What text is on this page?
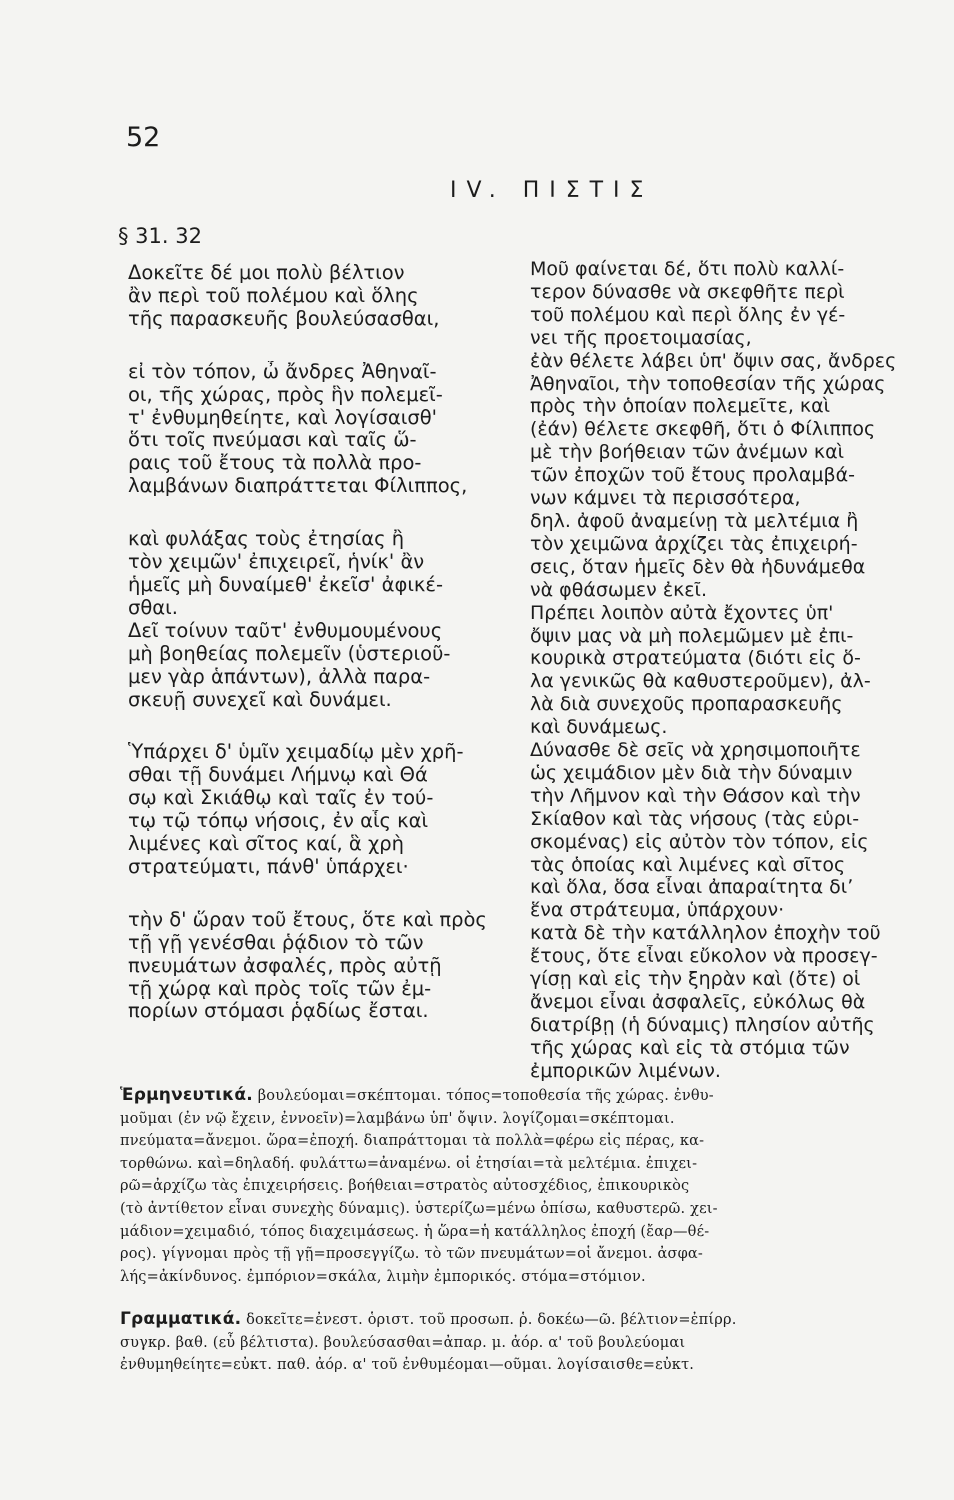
52
IV. ΠΙΣΤΙΣ
§ 31. 32
Δοκεῖτε δέ μοι πολὺ βέλτιον
ἂν περὶ τοῦ πολέμου καὶ ὅλης
τῆς παρασκευῆς βουλεύσασθαι,
εἰ τὸν τόπον, ὦ ἄνδρες Ἀθηναῖ-
οι, τῆς χώρας, πρὸς ἣν πολεμεῖ-
τ' ἐνθυμηθείητε, καὶ λογίσαισθ'
ὅτι τοῖς πνεύμασι καὶ ταῖς ὥ-
ραις τοῦ ἔτους τὰ πολλὰ προ-
λαμβάνων διαπράττεται Φίλιππος,
καὶ φυλάξας τοὺς ἐτησίας ἢ
τὸν χειμῶν' ἐπιχειρεῖ, ἡνίκ' ἂν
ἡμεῖς μὴ δυναίμεθ' ἐκεῖσ' ἀφικέ-
σθαι.
Δεῖ τοίνυν ταῦτ' ἐνθυμουμένους
μὴ βοηθείας πολεμεῖν (ὑστεριοῦ-
μεν γὰρ ἁπάντων), ἀλλὰ παρα-
σκευῇ συνεχεῖ καὶ δυνάμει.
Ὑπάρχει δ' ὑμῖν χειμαδίῳ μὲν χρῆ-
σθαι τῇ δυνάμει Λήμνῳ καὶ Θά
σῳ καὶ Σκιάθῳ καὶ ταῖς ἐν τού-
τῳ τῷ τόπῳ νήσοις, ἐν αἷς καὶ
λιμένες καὶ σῖτος καί, ἃ χρὴ
στρατεύματι, πάνθ' ὑπάρχει·
τὴν δ' ὥραν τοῦ ἔτους, ὅτε καὶ πρὸς
τῇ γῇ γενέσθαι ῥᾴδιον τὸ τῶν
πνευμάτων ἀσφαλές, πρὸς αὐτῇ
τῇ χώρᾳ καὶ πρὸς τοῖς τῶν ἐμ-
πορίων στόμασι ῥᾳδίως ἔσται.
Μοῦ φαίνεται δέ, ὅτι πολὺ καλλί-
τερον δύνασθε νὰ σκεφθῆτε περὶ
τοῦ πολέμου καὶ περὶ ὅλης ἐν γέ-
νει τῆς προετοιμασίας,
ἐὰν θέλετε λάβει ὑπ' ὄψιν σας, ἄνδρες
Ἀθηναῖοι, τὴν τοποθεσίαν τῆς χώρας
πρὸς τὴν ὁποίαν πολεμεῖτε, καὶ
(ἐάν) θέλετε σκεφθῆ, ὅτι ὁ Φίλιππος
μὲ τὴν βοήθειαν τῶν ἀνέμων καὶ
τῶν ἐποχῶν τοῦ ἔτους προλαμβά-
νων κάμνει τὰ περισσότερα,
δηλ. ἀφοῦ ἀναμείνῃ τὰ μελτέμια ἢ
τὸν χειμῶνα ἀρχίζει τὰς ἐπιχειρή-
σεις, ὅταν ἡμεῖς δὲν θὰ ἠδυνάμεθα
νὰ φθάσωμεν ἐκεῖ.
Πρέπει λοιπὸν αὐτὰ ἔχοντες ὑπ'
ὄψιν μας νὰ μὴ πολεμῶμεν μὲ ἐπι-
κουρικὰ στρατεύματα (διότι εἰς ὅ-
λα γενικῶς θὰ καθυστεροῦμεν), ἀλ-
λὰ διὰ συνεχοῦς προπαρασκευῆς
καὶ δυνάμεως.
Δύνασθε δὲ σεῖς νὰ χρησιμοποιῆτε
ὡς χειμάδιον μὲν διὰ τὴν δύναμιν
τὴν Λῆμνον καὶ τὴν Θάσον καὶ τὴν
Σκίαθον καὶ τὰς νήσους (τὰς εὑρι-
σκομένας) εἰς αὐτὸν τὸν τόπον, εἰς
τὰς ὁποίας καὶ λιμένες καὶ σῖτος
καὶ ὅλα, ὅσα εἶναι ἀπαραίτητα διʼ
ἕνα στράτευμα, ὑπάρχουν·
κατὰ δὲ τὴν κατάλληλον ἐποχὴν τοῦ
ἔτους, ὅτε εἶναι εὔκολον νὰ προσεγ-
γίσῃ καὶ εἰς τὴν ξηρὰν καὶ (ὅτε) οἱ
ἄνεμοι εἶναι ἀσφαλεῖς, εὐκόλως θὰ
διατρίβῃ (ἡ δύναμις) πλησίον αὐτῆς
τῆς χώρας καὶ εἰς τὰ στόμια τῶν
ἐμπορικῶν λιμένων.
Ἑρμηνευτικά. βουλεύομαι=σκέπτομαι. τόπος=τοποθεσία τῆς χώρας. ἐνθυ-
μοῦμαι (ἐν νῷ ἔχειν, ἐννοεῖν)=λαμβάνω ὑπ' ὄψιν. λογίζομαι=σκέπτομαι.
πνεύματα=ἄνεμοι. ὥρα=ἐποχή. διαπράττομαι τὰ πολλὰ=φέρω εἰς πέρας, κα-
τορθώνω. καὶ=δηλαδή. φυλάττω=ἀναμένω. οἱ ἐτησίαι=τὰ μελτέμια. ἐπιχει-
ρῶ=ἀρχίζω τὰς ἐπιχειρήσεις. βοήθειαι=στρατὸς αὐτοσχέδιος, ἐπικουρικὸς
(τὸ ἀντίθετον εἶναι συνεχὴς δύναμις). ὑστερίζω=μένω ὀπίσω, καθυστερῶ. χει-
μάδιον=χειμαδιό, τόπος διαχειμάσεως. ἡ ὥρα=ἡ κατάλληλος ἐποχή (ἔαρ—θέ-
ρος). γίγνομαι πρὸς τῇ γῇ=προσεγγίζω. τὸ τῶν πνευμάτων=οἱ ἄνεμοι. ἀσφα-
λής=ἀκίνδυνος. ἐμπόριον=σκάλα, λιμὴν ἐμπορικός. στόμα=στόμιον.
Γραμματικά. δοκεῖτε=ἐνεστ. ὁριστ. τοῦ προσωπ. ῥ. δοκέω—ῶ. βέλτιον=ἐπίρρ.
συγκρ. βαθ. (εὖ βέλτιστα). βουλεύσασθαι=ἀπαρ. μ. ἀόρ. α' τοῦ βουλεύομαι
ἐνθυμηθείητε=εὐκτ. παθ. ἀόρ. α' τοῦ ἐνθυμέομαι—οῦμαι. λογίσαισθε=εὐκτ.
